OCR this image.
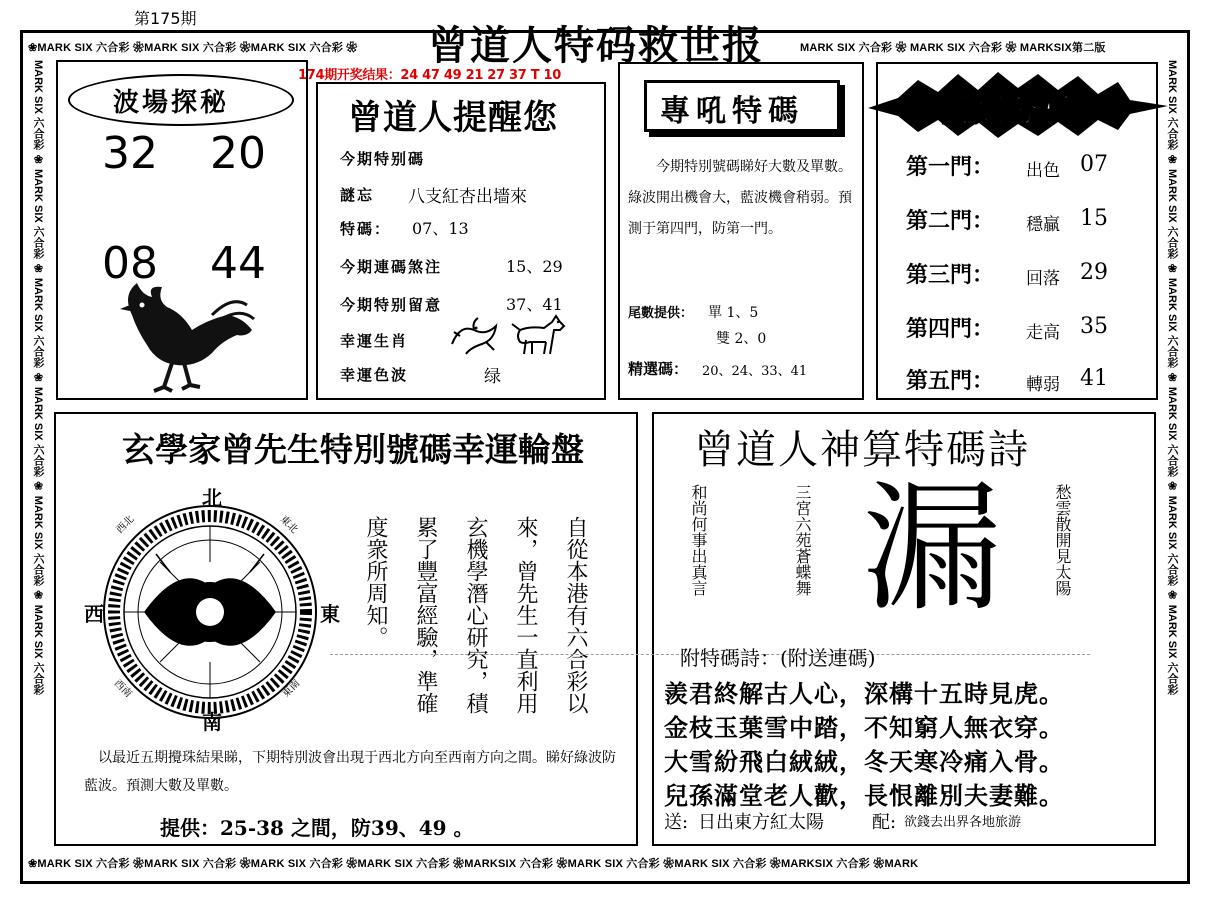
第175期
曾道人特码救世报
❀MARK SIX 六合彩 ❀MARK SIX 六合彩 ❀MARK SIX 六合彩 ❀	MARK SIX 六合彩 ❀ MARK SIX 六合彩 ❀ MARKSIX第二版
MARK SIX 六合彩 ❀ MARK SIX 六合彩 ❀ MARK SIX 六合彩 ❀ MARK SIX 六合彩 ❀ MARK SIX 六合彩 ❀ MARK SIX 六合彩	MARK SIX 六合彩 ❀ MARK SIX 六合彩 ❀ MARK SIX 六合彩 ❀ MARK SIX 六合彩 ❀ MARK SIX 六合彩 ❀ MARK SIX 六合彩
❀MARK SIX 六合彩 ❀MARK SIX 六合彩 ❀MARK SIX 六合彩 ❀MARK SIX 六合彩 ❀MARKSIX 六合彩 ❀MARK SIX 六合彩 ❀MARK SIX 六合彩 ❀MARKSIX 六合彩 ❀MARK
波場探秘
32 20
08 44
174期开奖结果：24 47 49 21 27 37 T 10
曾道人提醒您
今期特别碼
謎忘 八支紅杏出墻來
特碼： 07、13
今期連碼煞注	15、29
今期特别留意	37、41
幸運生肖
幸運色波	绿
專吼特碼
今期特別號碼睇好大數及單數。綠波開出機會大，藍波機會稍弱。預測于第四門，防第一門。
尾數提供： 單 1、5
雙 2、0
精選碼： 20、24、33、41
門類分析
第一門： 出色 07
第二門： 穩贏 15
第三門： 回落 29
第四門： 走高 35
第五門： 轉弱 41
玄學家曾先生特別號碼幸運輪盤
北
南
西	東
西北	東北
西南	東南	自從本港有六合彩以
來，曾先生一直利用
玄機學潛心研究，積
累了豐富經驗，準確
度衆所周知。
以最近五期攪珠結果睇，下期特別波會出現于西北方向至西南方向之間。睇好綠波防藍波。預測大數及單數。
提供：25-38 之間，防39、49 。
曾道人神算特碼詩
和尚何事出真言	三宮六苑蒼蝶舞	愁雲散開見太陽
漏
附特碼詩：(附送連碼)
羨君終解古人心，深構十五時見虎。
金枝玉葉雪中踏，不知窮人無衣穿。
大雪紛飛白絨絨，冬天寒冷痛入骨。
兒孫滿堂老人歡，長恨離別夫妻難。
送: 日出東方紅太陽	配: 欲錢去出界各地旅游
